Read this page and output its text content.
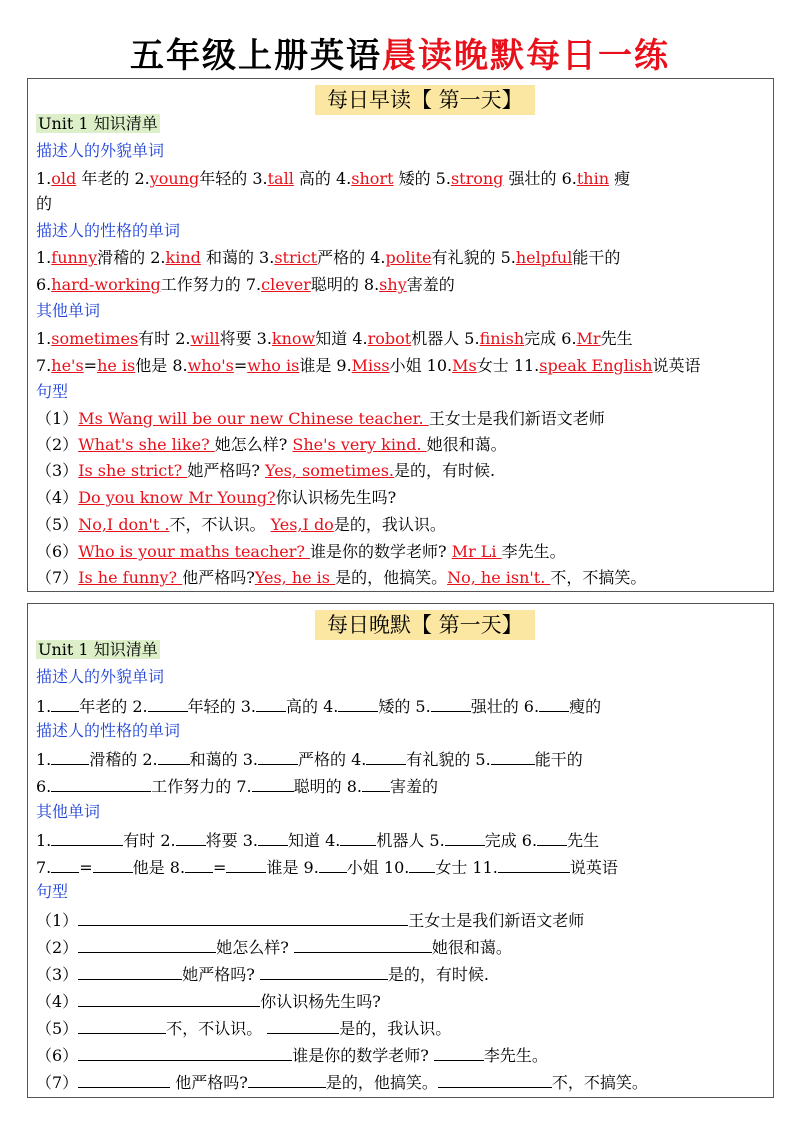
五年级上册英语晨读晚默每日一练
每日早读【 第一天】
Unit 1 知识清单
描述人的外貌单词
1.old 年老的 2.young年轻的 3.tall 高的 4.short 矮的 5.strong 强壮的 6.thin 瘦
的
描述人的性格的单词
1.funny滑稽的 2.kind 和蔼的 3.strict严格的 4.polite有礼貌的 5.helpful能干的
6.hard-working工作努力的 7.clever聪明的 8.shy害羞的
其他单词
1.sometimes有时 2.will将要 3.know知道 4.robot机器人 5.finish完成 6.Mr先生
7.he's=he is他是 8.who's=who is谁是 9.Miss小姐 10.Ms女士 11.speak English说英语
句型
（1）Ms Wang will be our new Chinese teacher. 王女士是我们新语文老师
（2）What's she like? 她怎么样? She's very kind. 她很和蔼。
（3）Is she strict? 她严格吗? Yes, sometimes.是的，有时候.
（4）Do you know Mr Young?你认识杨先生吗?
（5）No,I don't .不，不认识。 Yes,I do是的，我认识。
（6）Who is your maths teacher? 谁是你的数学老师? Mr Li 李先生。
（7）Is he funny? 他严格吗?Yes, he is 是的，他搞笑。No, he isn't. 不，不搞笑。
每日晚默【 第一天】
Unit 1 知识清单
描述人的外貌单词
1. 年老的 2.	年轻的 3. 高的 4.	矮的 5.	强壮的 6. 瘦的
描述人的性格的单词
1. 滑稽的 2. 和蔼的 3.	严格的 4.	有礼貌的 5.	能干的
6.	工作努力的 7.	聪明的 8. 害羞的
其他单词
1.	有时 2. 将要 3. 知道 4. 机器人 5.	完成 6. 先生
7. =	他是 8. =	谁是 9. 小姐 10. 女士 11.	说英语
句型
（1）	王女士是我们新语文老师
（2）	她怎么样?	她很和蔼。
（3）	她严格吗?	是的，有时候.
（4）	你认识杨先生吗?
（5）	不，不认识。	是的，我认识。
（6）	谁是你的数学老师?	李先生。
（7）	他严格吗?	是的，他搞笑。	不，不搞笑。
